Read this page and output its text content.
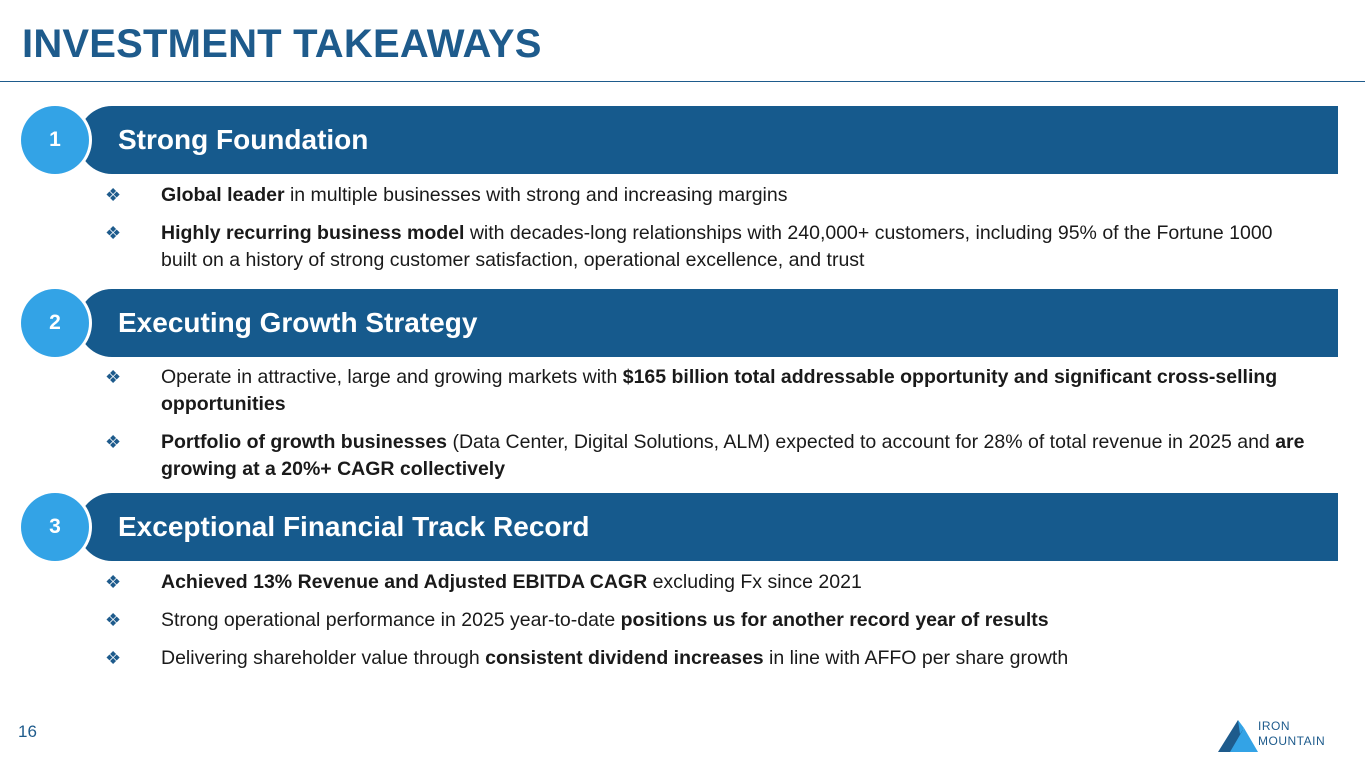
INVESTMENT TAKEAWAYS
Strong Foundation
1
❖	Global leader in multiple businesses with strong and increasing margins
❖	Highly recurring business model with decades-long relationships with 240,000+ customers, including 95% of the Fortune 1000 built on a history of strong customer satisfaction, operational excellence, and trust
Executing Growth Strategy
2
❖	Operate in attractive, large and growing markets with $165 billion total addressable opportunity and significant cross-selling opportunities
❖	Portfolio of growth businesses (Data Center, Digital Solutions, ALM) expected to account for 28% of total revenue in 2025 and are growing at a 20%+ CAGR collectively
Exceptional Financial Track Record
3
❖	Achieved 13% Revenue and Adjusted EBITDA CAGR excluding Fx since 2021
❖	Strong operational performance in 2025 year-to-date positions us for another record year of results
❖	Delivering shareholder value through consistent dividend increases in line with AFFO per share growth
16	IRON
MOUNTAIN
